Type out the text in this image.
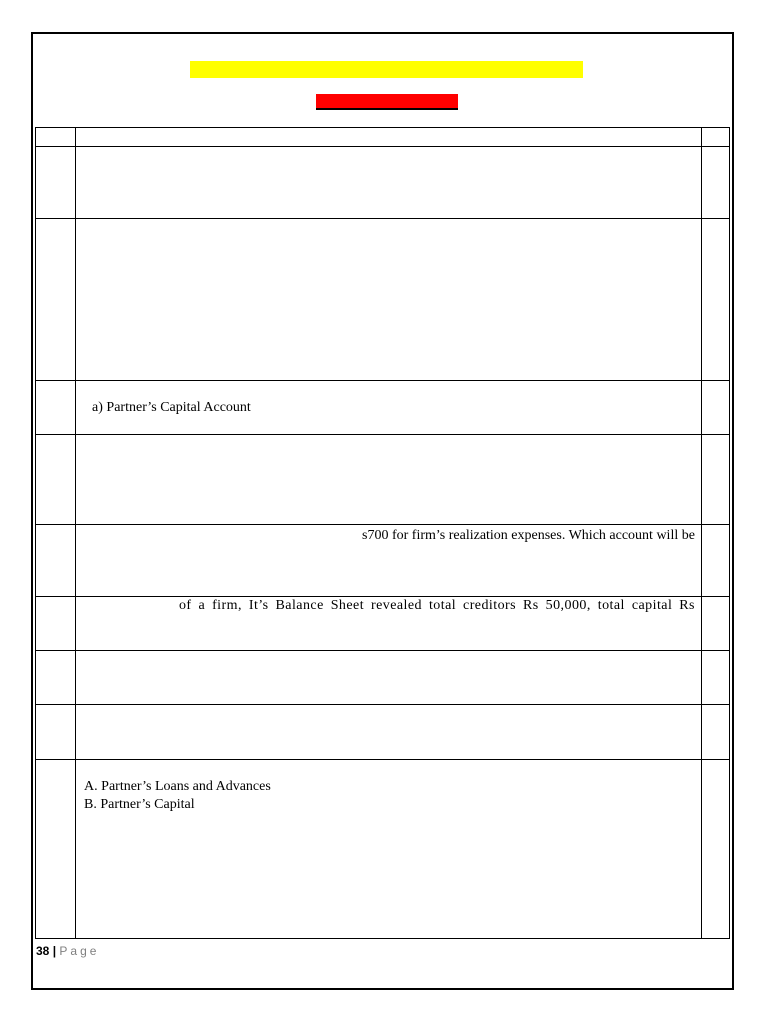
	a) Partner’s Capital Account	

	s700 for firm’s realization expenses. Which account will be	

	of a firm, It’s Balance Sheet revealed total creditors Rs 50,000, total capital Rs	

	A. Partner’s Loans and Advances
B. Partner’s Capital	

38 | Page
